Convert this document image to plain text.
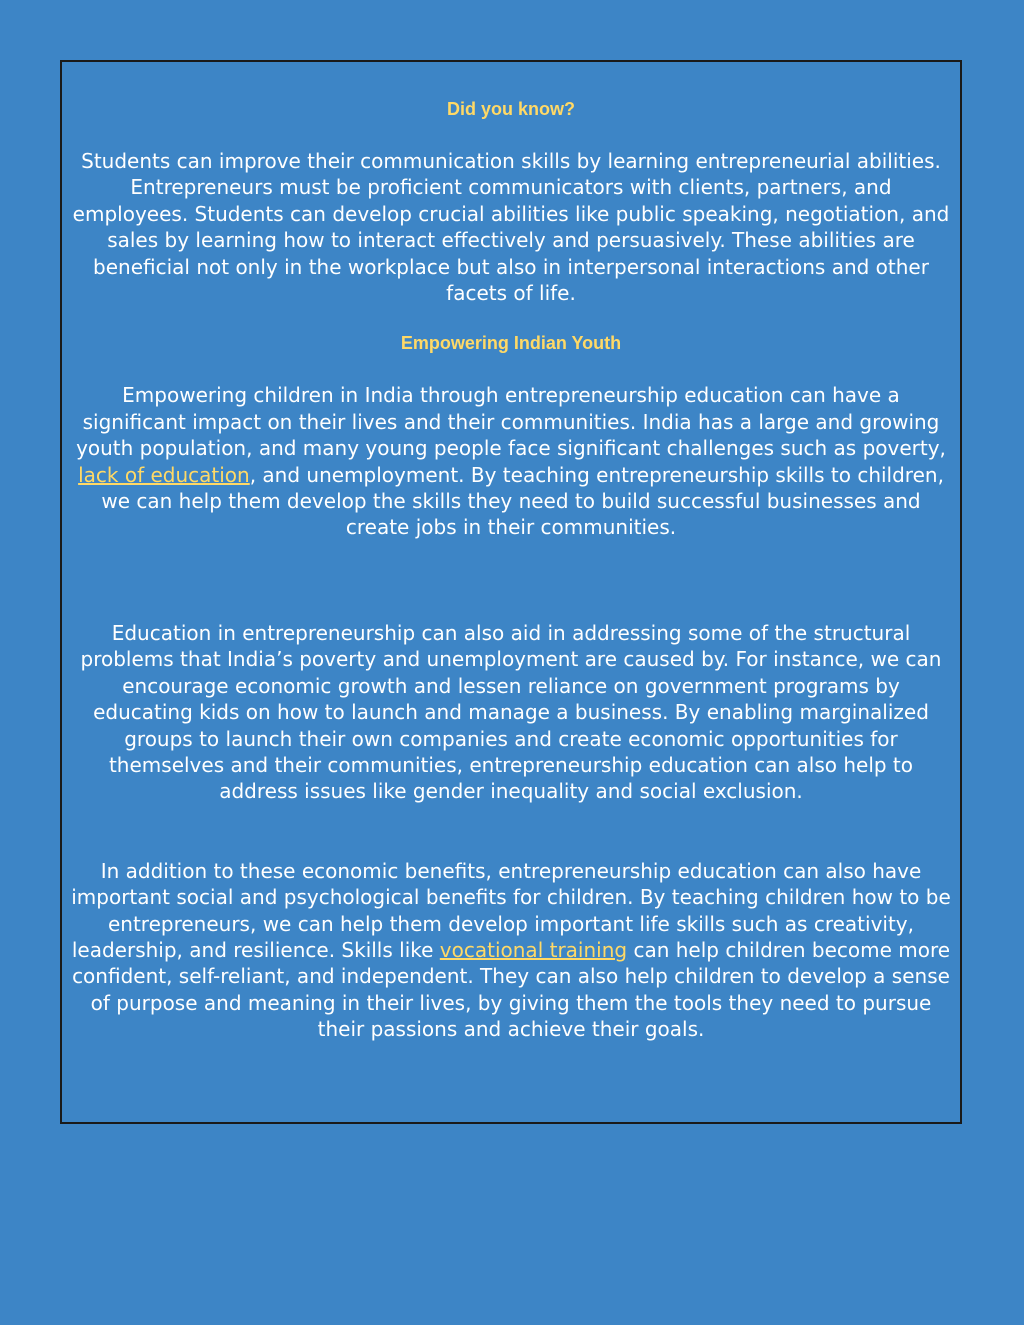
Did you know?

Students can improve their communication skills by learning entrepreneurial abilities. Entrepreneurs must be proficient communicators with clients, partners, and employees. Students can develop crucial abilities like public speaking, negotiation, and sales by learning how to interact effectively and persuasively. These abilities are beneficial not only in the workplace but also in interpersonal interactions and other facets of life.

Empowering Indian Youth

Empowering children in India through entrepreneurship education can have a significant impact on their lives and their communities. India has a large and growing youth population, and many young people face significant challenges such as poverty, lack of education, and unemployment. By teaching entrepreneurship skills to children, we can help them develop the skills they need to build successful businesses and create jobs in their communities.

Education in entrepreneurship can also aid in addressing some of the structural problems that India’s poverty and unemployment are caused by. For instance, we can encourage economic growth and lessen reliance on government programs by educating kids on how to launch and manage a business. By enabling marginalized groups to launch their own companies and create economic opportunities for themselves and their communities, entrepreneurship education can also help to address issues like gender inequality and social exclusion.

In addition to these economic benefits, entrepreneurship education can also have important social and psychological benefits for children. By teaching children how to be entrepreneurs, we can help them develop important life skills such as creativity, leadership, and resilience. Skills like vocational training can help children become more confident, self-reliant, and independent. They can also help children to develop a sense of purpose and meaning in their lives, by giving them the tools they need to pursue their passions and achieve their goals.
